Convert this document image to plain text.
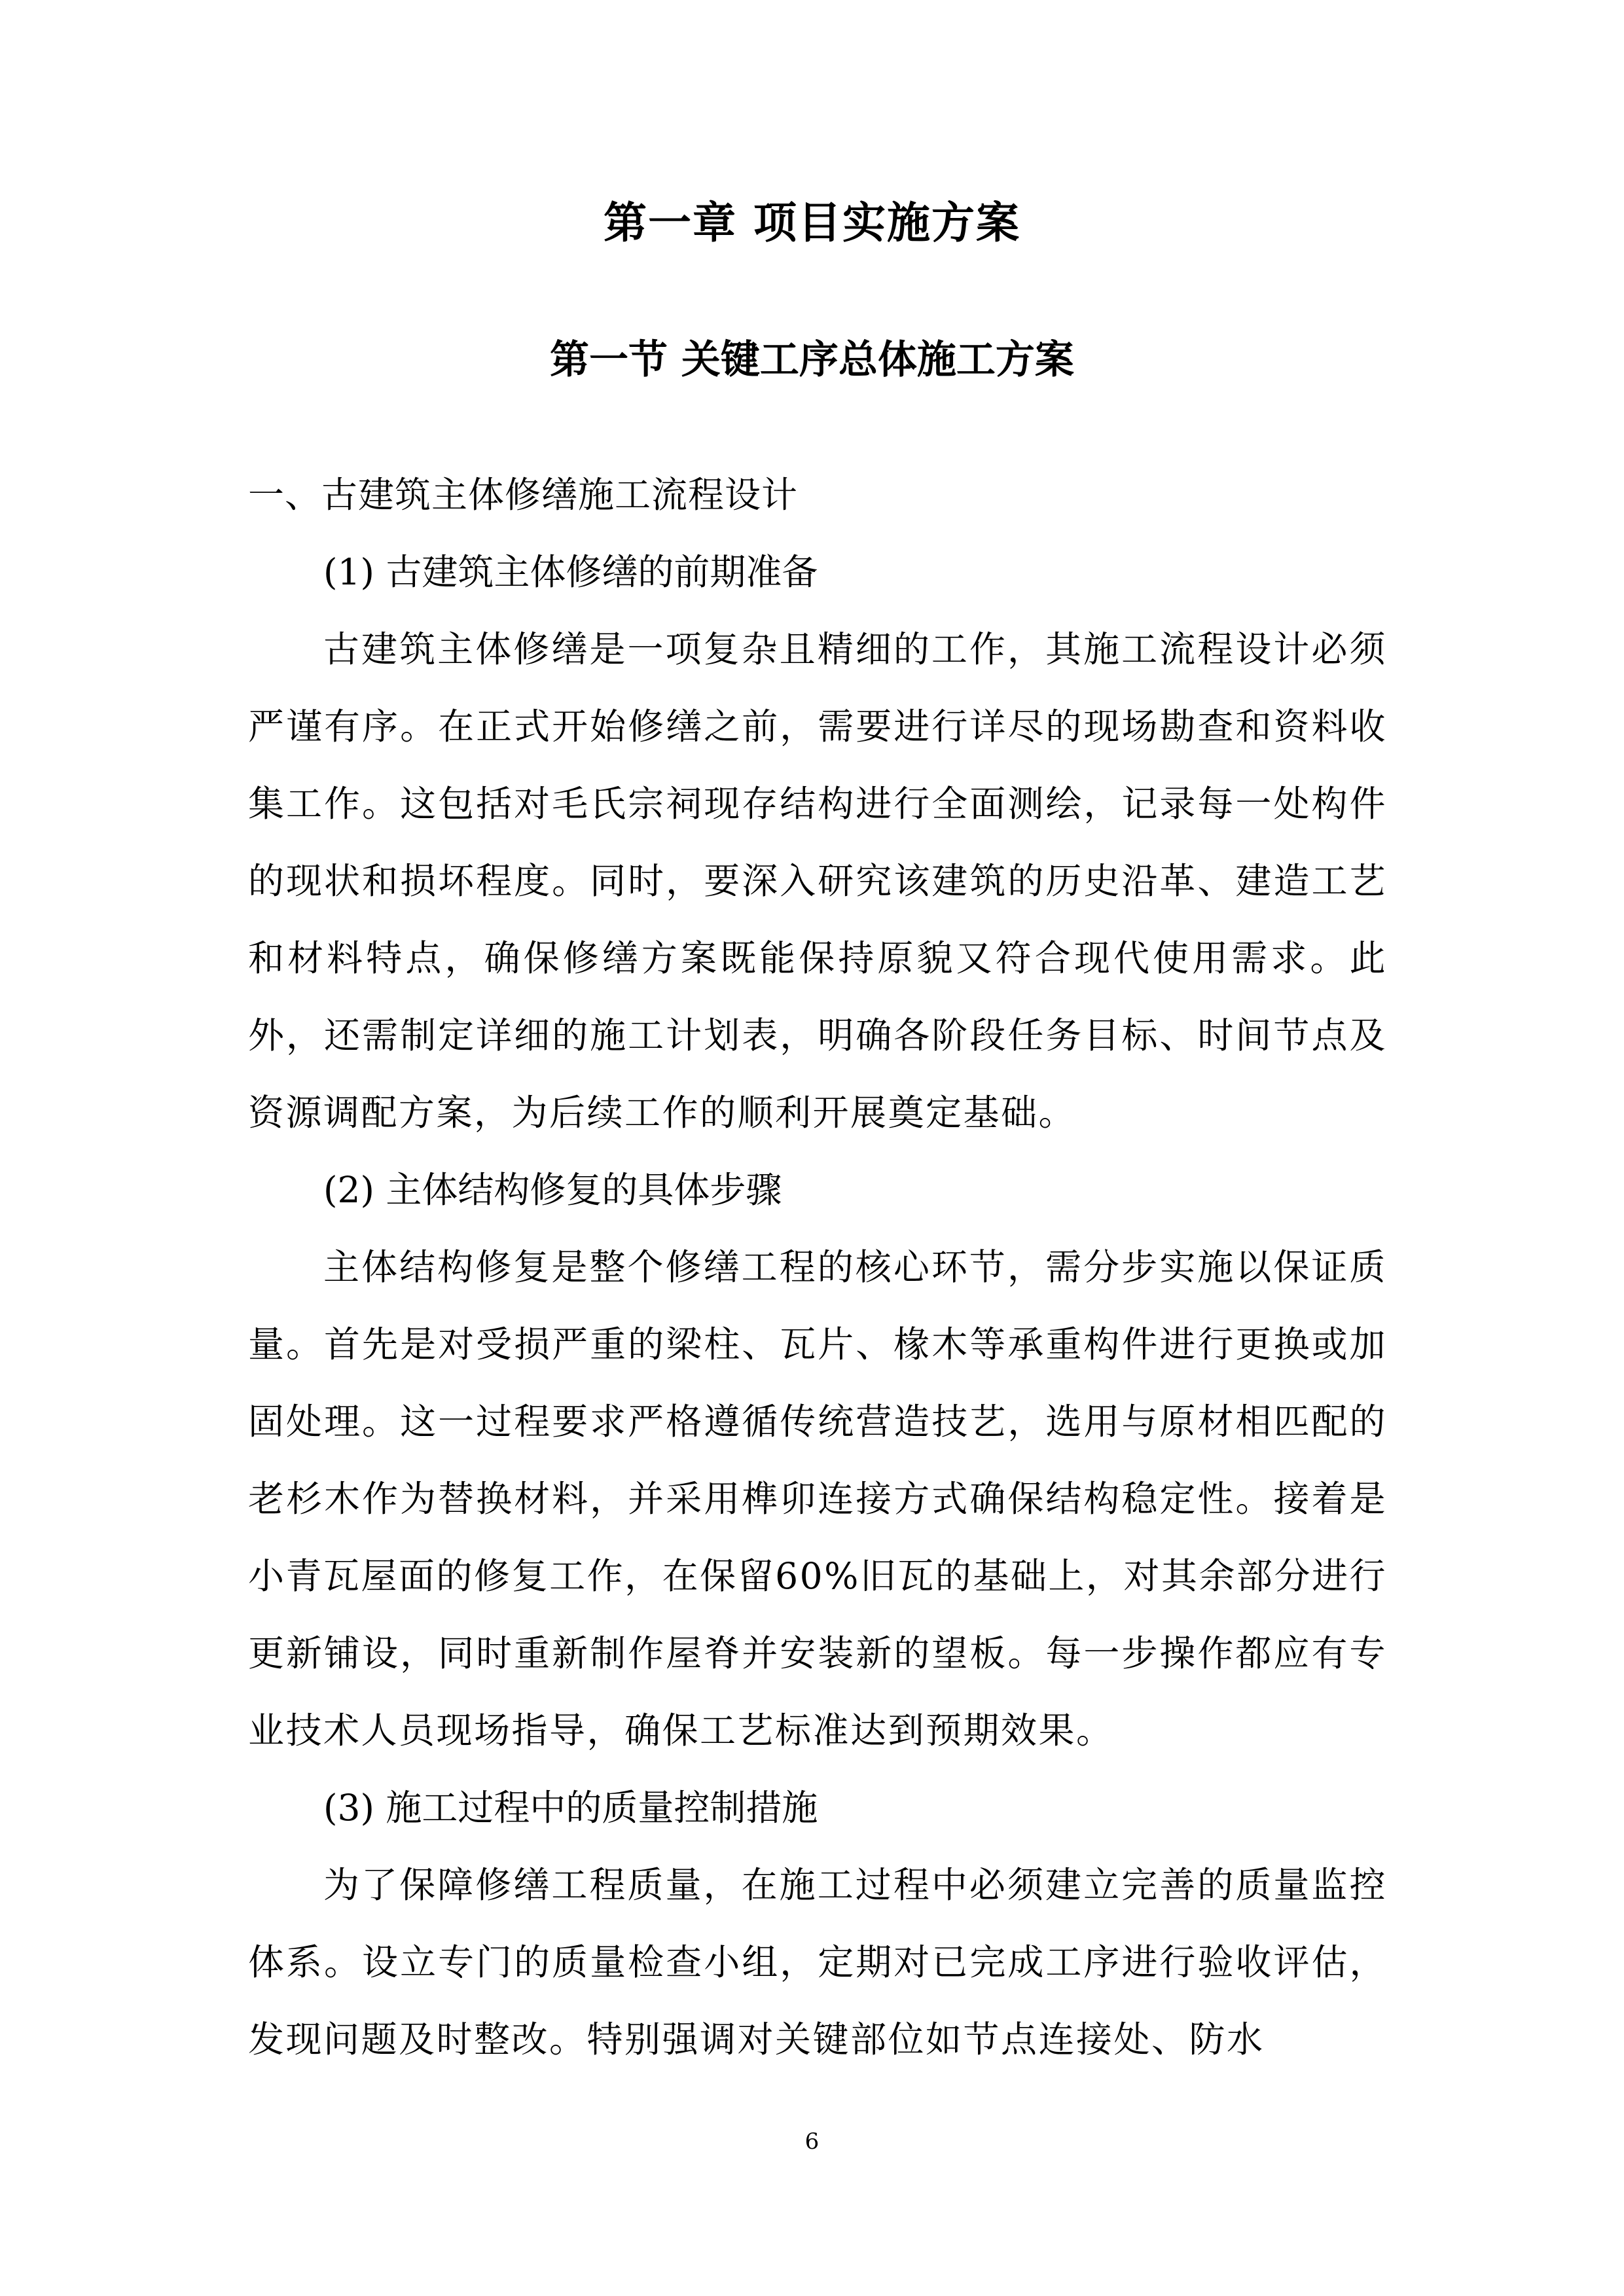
第一章 项目实施方案
第一节 关键工序总体施工方案

一、古建筑主体修缮施工流程设计

(1) 古建筑主体修缮的前期准备

古建筑主体修缮是一项复杂且精细的工作，其施工流程设计必须严谨有序。在正式开始修缮之前，需要进行详尽的现场勘查和资料收集工作。这包括对毛氏宗祠现存结构进行全面测绘，记录每一处构件的现状和损坏程度。同时，要深入研究该建筑的历史沿革、建造工艺和材料特点，确保修缮方案既能保持原貌又符合现代使用需求。此外，还需制定详细的施工计划表，明确各阶段任务目标、时间节点及资源调配方案，为后续工作的顺利开展奠定基础。

(2) 主体结构修复的具体步骤

主体结构修复是整个修缮工程的核心环节，需分步实施以保证质量。首先是对受损严重的梁柱、瓦片、椽木等承重构件进行更换或加固处理。这一过程要求严格遵循传统营造技艺，选用与原材相匹配的老杉木作为替换材料，并采用榫卯连接方式确保结构稳定性。接着是小青瓦屋面的修复工作，在保留60%旧瓦的基础上，对其余部分进行更新铺设，同时重新制作屋脊并安装新的望板。每一步操作都应有专业技术人员现场指导，确保工艺标准达到预期效果。

(3) 施工过程中的质量控制措施

为了保障修缮工程质量，在施工过程中必须建立完善的质量监控体系。设立专门的质量检查小组，定期对已完成工序进行验收评估，发现问题及时整改。特别强调对关键部位如节点连接处、防水

6
